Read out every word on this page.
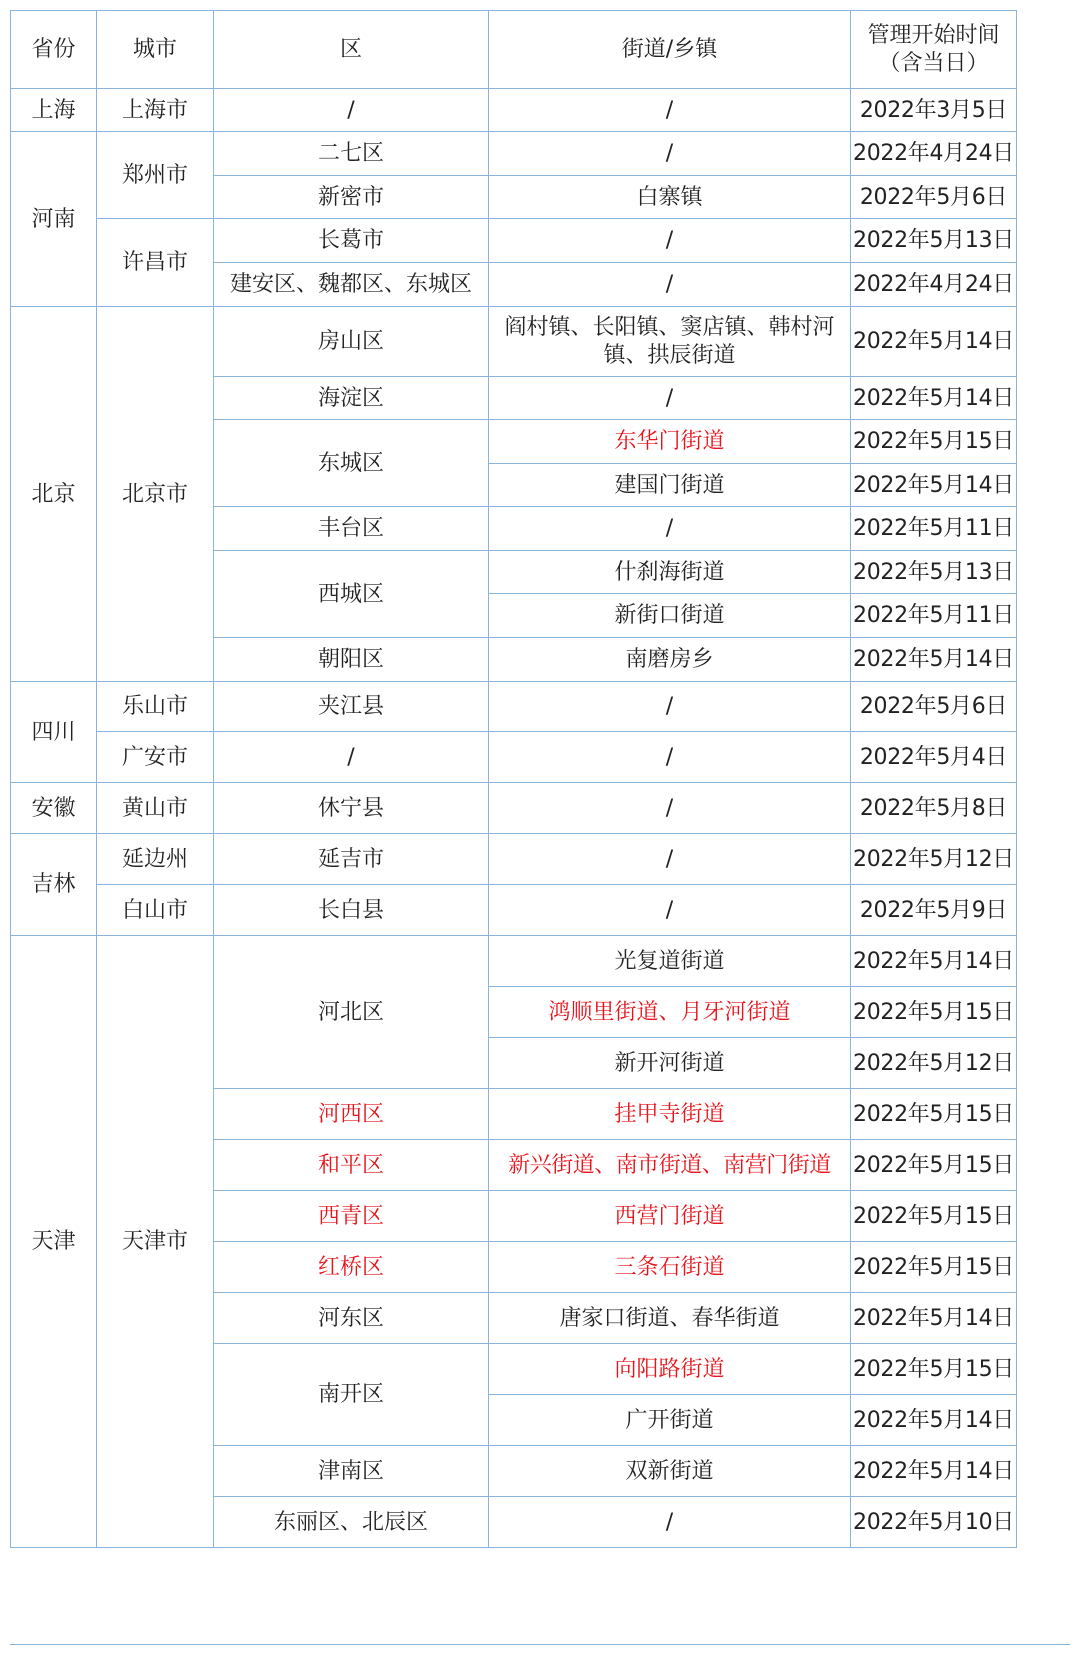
省份	城市	区	街道/乡镇	管理开始时间
（含当日）
上海	上海市	/	/	2022年3月5日
河南	郑州市	二七区	/	2022年4月24日
		新密市	白寨镇	2022年5月6日
	许昌市	长葛市	/	2022年5月13日
		建安区、魏都区、东城区	/	2022年4月24日
北京	北京市	房山区	阎村镇、长阳镇、窦店镇、韩村河镇、拱辰街道	2022年5月14日
		海淀区	/	2022年5月14日
		东城区	东华门街道	2022年5月15日
			建国门街道	2022年5月14日
		丰台区	/	2022年5月11日
		西城区	什刹海街道	2022年5月13日
			新街口街道	2022年5月11日
		朝阳区	南磨房乡	2022年5月14日
四川	乐山市	夹江县	/	2022年5月6日
	广安市	/	/	2022年5月4日
安徽	黄山市	休宁县	/	2022年5月8日
吉林	延边州	延吉市	/	2022年5月12日
	白山市	长白县	/	2022年5月9日
天津	天津市	河北区	光复道街道	2022年5月14日
			鸿顺里街道、月牙河街道	2022年5月15日
			新开河街道	2022年5月12日
		河西区	挂甲寺街道	2022年5月15日
		和平区	新兴街道、南市街道、南营门街道	2022年5月15日
		西青区	西营门街道	2022年5月15日
		红桥区	三条石街道	2022年5月15日
		河东区	唐家口街道、春华街道	2022年5月14日
		南开区	向阳路街道	2022年5月15日
			广开街道	2022年5月14日
		津南区	双新街道	2022年5月14日
		东丽区、北辰区	/	2022年5月10日
